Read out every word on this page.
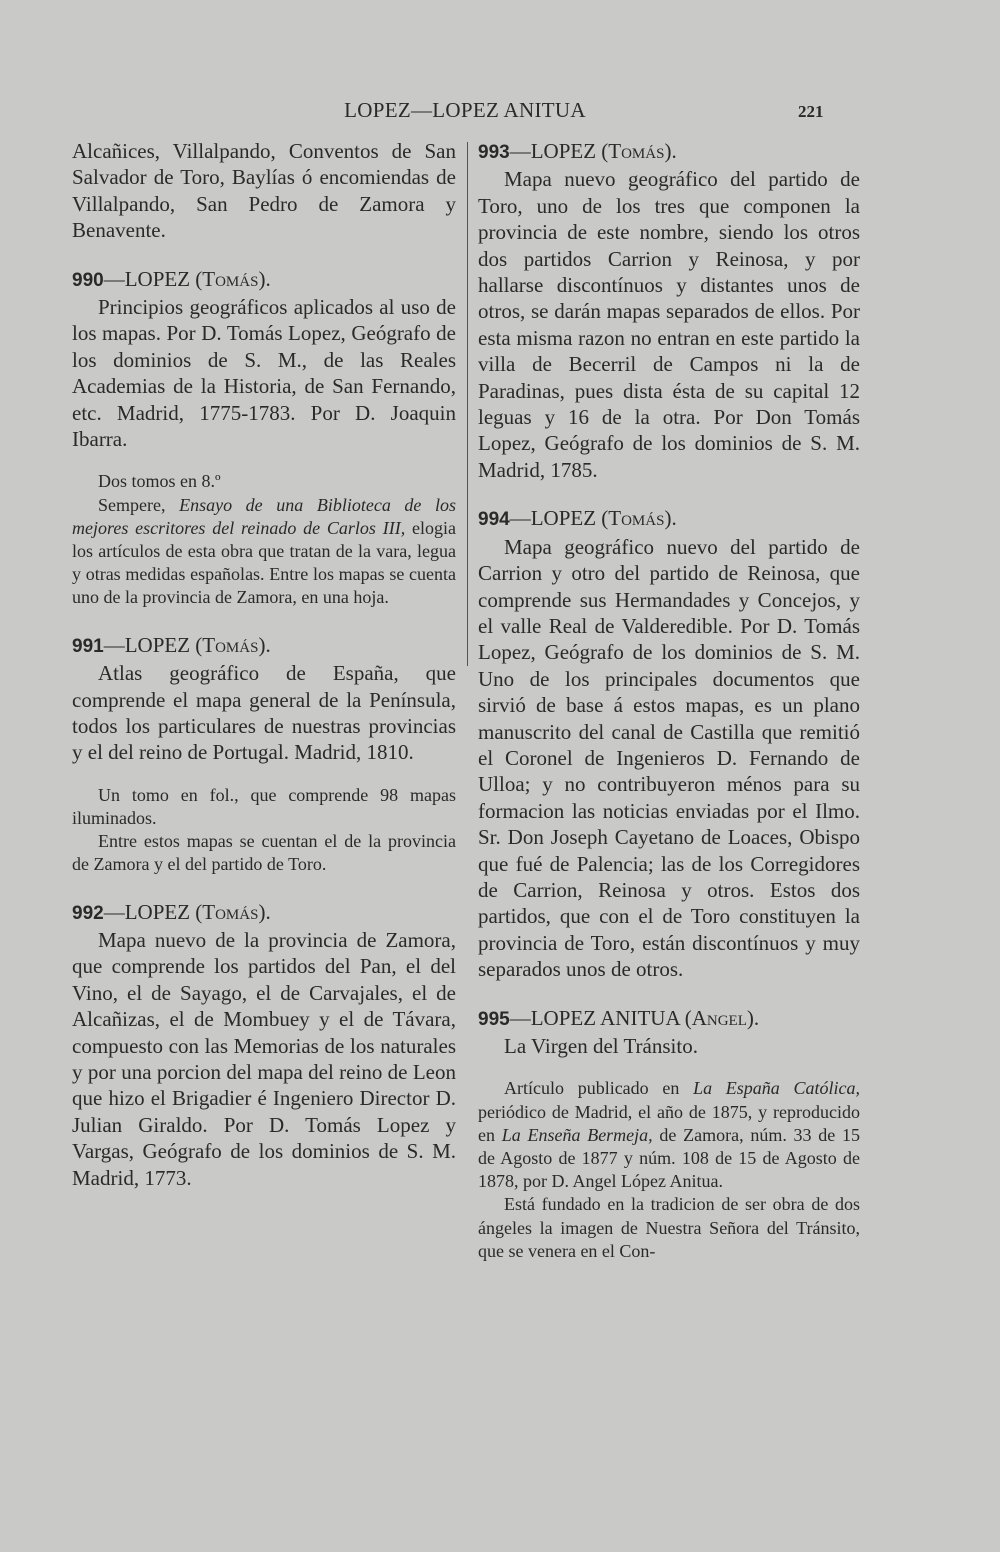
LOPEZ—LOPEZ ANITUA	221

Alcañices, Villalpando, Conventos de San Salvador de Toro, Baylías ó encomiendas de Villalpando, San Pedro de Zamora y Benavente.

990—LOPEZ (Tomás).

Principios geográficos aplicados al uso de los mapas. Por D. Tomás Lopez, Geógrafo de los dominios de S. M., de las Reales Academias de la Historia, de San Fernando, etc. Madrid, 1775-1783. Por D. Joaquin Ibarra.

Dos tomos en 8.º

Sempere, Ensayo de una Biblioteca de los mejores escritores del reinado de Carlos III, elogia los artículos de esta obra que tratan de la vara, legua y otras medidas españolas. Entre los mapas se cuenta uno de la provincia de Zamora, en una hoja.

991—LOPEZ (Tomás).

Atlas geográfico de España, que comprende el mapa general de la Península, todos los particulares de nuestras provincias y el del reino de Portugal. Madrid, 1810.

Un tomo en fol., que comprende 98 mapas iluminados.

Entre estos mapas se cuentan el de la provincia de Zamora y el del partido de Toro.

992—LOPEZ (Tomás).

Mapa nuevo de la provincia de Zamora, que comprende los partidos del Pan, el del Vino, el de Sayago, el de Carvajales, el de Alcañizas, el de Mombuey y el de Távara, compuesto con las Memorias de los naturales y por una porcion del mapa del reino de Leon que hizo el Brigadier é Ingeniero Director D. Julian Giraldo. Por D. Tomás Lopez y Vargas, Geógrafo de los dominios de S. M. Madrid, 1773.

993—LOPEZ (Tomás).

Mapa nuevo geográfico del partido de Toro, uno de los tres que componen la provincia de este nombre, siendo los otros dos partidos Carrion y Reinosa, y por hallarse discontínuos y distantes unos de otros, se darán mapas separados de ellos. Por esta misma razon no entran en este partido la villa de Becerril de Campos ni la de Paradinas, pues dista ésta de su capital 12 leguas y 16 de la otra. Por Don Tomás Lopez, Geógrafo de los dominios de S. M. Madrid, 1785.

994—LOPEZ (Tomás).

Mapa geográfico nuevo del partido de Carrion y otro del partido de Reinosa, que comprende sus Hermandades y Concejos, y el valle Real de Valderedible. Por D. Tomás Lopez, Geógrafo de los dominios de S. M. Uno de los principales documentos que sirvió de base á estos mapas, es un plano manuscrito del canal de Castilla que remitió el Coronel de Ingenieros D. Fernando de Ulloa; y no contribuyeron ménos para su formacion las noticias enviadas por el Ilmo. Sr. Don Joseph Cayetano de Loaces, Obispo que fué de Palencia; las de los Corregidores de Carrion, Reinosa y otros. Estos dos partidos, que con el de Toro constituyen la provincia de Toro, están discontínuos y muy separados unos de otros.

995—LOPEZ ANITUA (Angel).

La Virgen del Tránsito.

Artículo publicado en La España Católica, periódico de Madrid, el año de 1875, y reproducido en La Enseña Bermeja, de Zamora, núm. 33 de 15 de Agosto de 1877 y núm. 108 de 15 de Agosto de 1878, por D. Angel López Anitua.

Está fundado en la tradicion de ser obra de dos ángeles la imagen de Nuestra Señora del Tránsito, que se venera en el Con-
